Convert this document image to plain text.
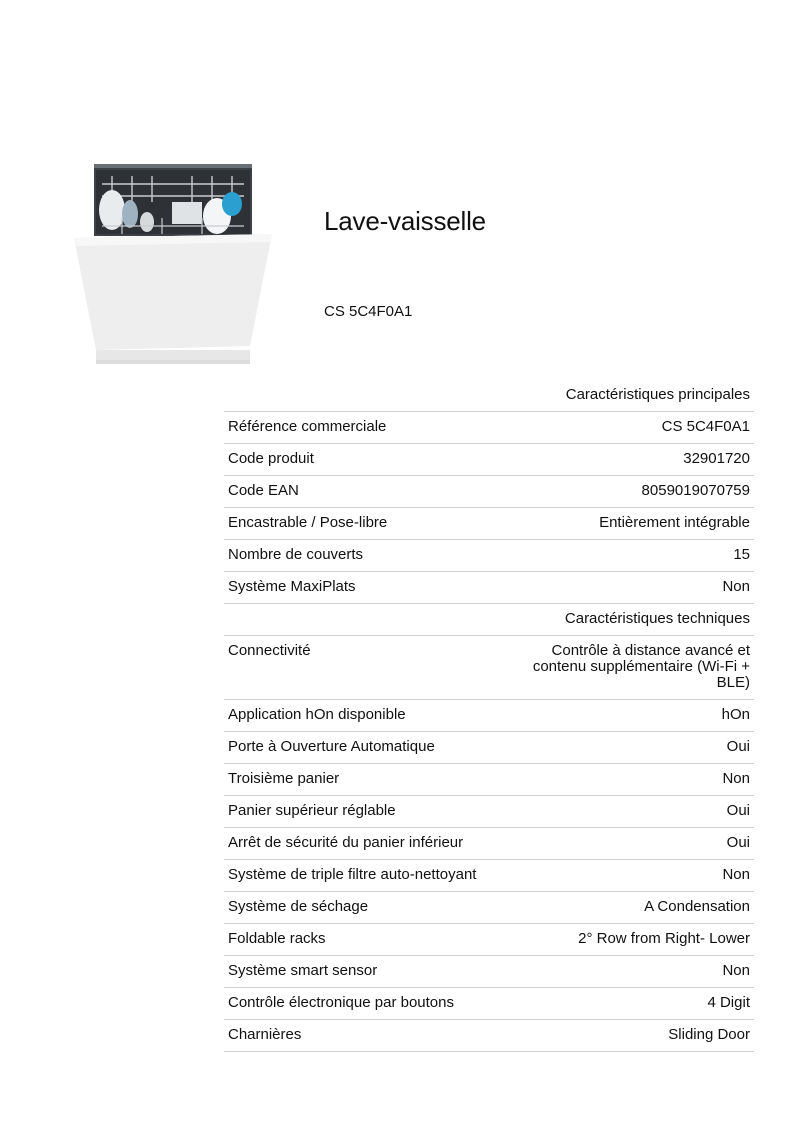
Lave-vaisselle
CS 5C4F0A1
Caractéristiques principales	
Référence commerciale	CS 5C4F0A1
Code produit	32901720
Code EAN	8059019070759
Encastrable / Pose-libre	Entièrement intégrable
Nombre de couverts	15
Système MaxiPlats	Non
Caractéristiques techniques	
Connectivité	Contrôle à distance avancé et contenu supplémentaire (Wi-Fi + BLE)
Application hOn disponible	hOn
Porte à Ouverture Automatique	Oui
Troisième panier	Non
Panier supérieur réglable	Oui
Arrêt de sécurité du panier inférieur	Oui
Système de triple filtre auto-nettoyant	Non
Système de séchage	A Condensation
Foldable racks	2° Row from Right- Lower
Système smart sensor	Non
Contrôle électronique par boutons	4 Digit
Charnières	Sliding Door
